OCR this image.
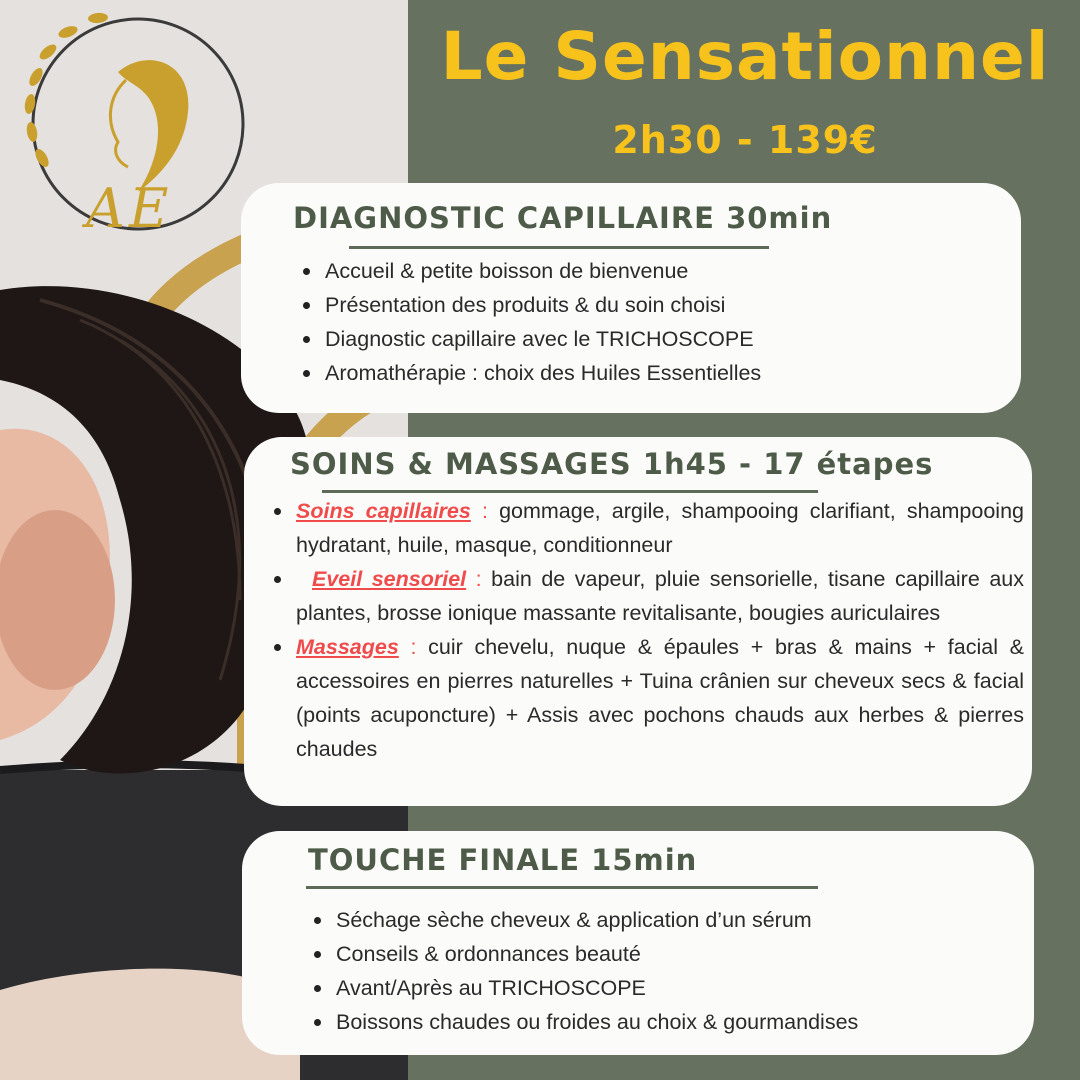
AE
Le Sensationnel
2h30 - 139€
DIAGNOSTIC CAPILLAIRE 30min
Accueil & petite boisson de bienvenue
Présentation des produits & du soin choisi
Diagnostic capillaire avec le TRICHOSCOPE
Aromathérapie : choix des Huiles Essentielles
SOINS & MASSAGES 1h45 - 17 étapes
Soins capillaires : gommage, argile, shampooing clarifiant, shampooing hydratant, huile, masque, conditionneur
Eveil sensoriel : bain de vapeur, pluie sensorielle, tisane capillaire aux plantes, brosse ionique massante revitalisante, bougies auriculaires
Massages : cuir chevelu, nuque & épaules + bras & mains + facial & accessoires en pierres naturelles + Tuina crânien sur cheveux secs & facial (points acuponcture) + Assis avec pochons chauds aux herbes & pierres chaudes
TOUCHE FINALE 15min
Séchage sèche cheveux & application d’un sérum
Conseils & ordonnances beauté
Avant/Après au TRICHOSCOPE
Boissons chaudes ou froides au choix & gourmandises
